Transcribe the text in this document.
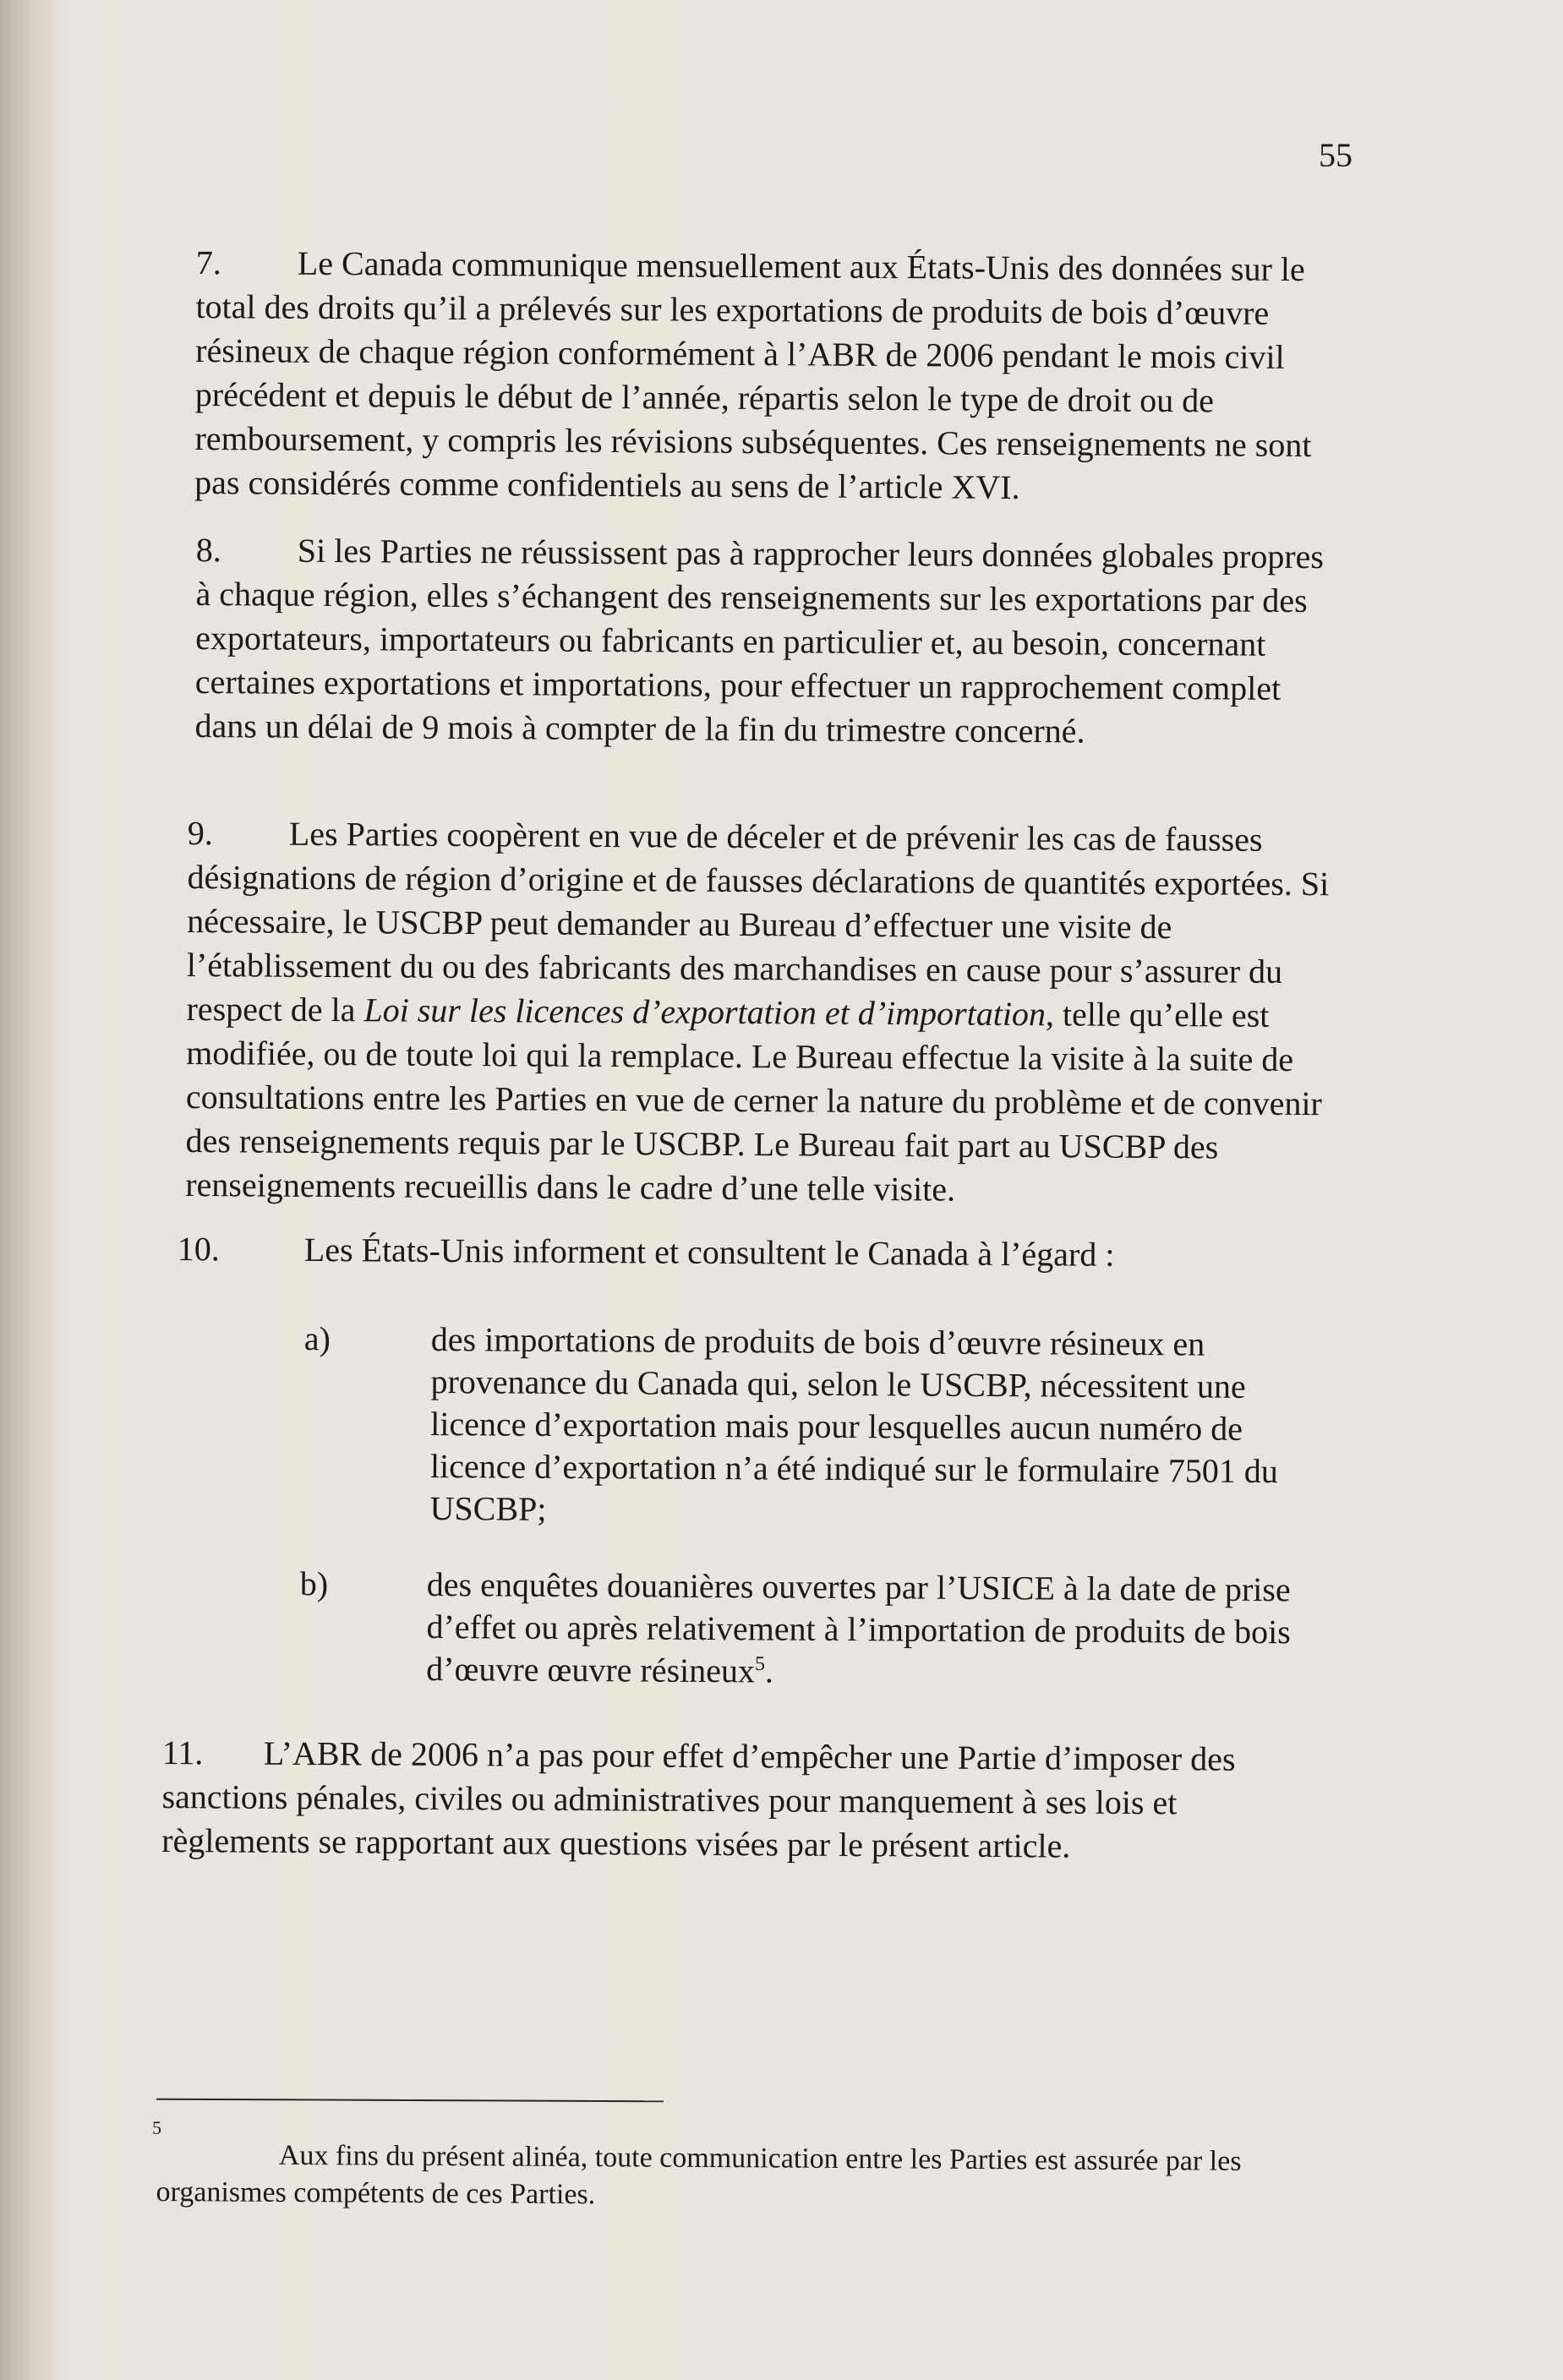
55
7. Le Canada communique mensuellement aux États-Unis des données sur le total des droits qu’il a prélevés sur les exportations de produits de bois d’œuvre résineux de chaque région conformément à l’ABR de 2006 pendant le mois civil précédent et depuis le début de l’année, répartis selon le type de droit ou de remboursement, y compris les révisions subséquentes. Ces renseignements ne sont pas considérés comme confidentiels au sens de l’article XVI.
8. Si les Parties ne réussissent pas à rapprocher leurs données globales propres à chaque région, elles s’échangent des renseignements sur les exportations par des exportateurs, importateurs ou fabricants en particulier et, au besoin, concernant certaines exportations et importations, pour effectuer un rapprochement complet dans un délai de 9 mois à compter de la fin du trimestre concerné.
9. Les Parties coopèrent en vue de déceler et de prévenir les cas de fausses désignations de région d’origine et de fausses déclarations de quantités exportées. Si nécessaire, le USCBP peut demander au Bureau d’effectuer une visite de l’établissement du ou des fabricants des marchandises en cause pour s’assurer du respect de la Loi sur les licences d’exportation et d’importation, telle qu’elle est modifiée, ou de toute loi qui la remplace. Le Bureau effectue la visite à la suite de consultations entre les Parties en vue de cerner la nature du problème et de convenir des renseignements requis par le USCBP. Le Bureau fait part au USCBP des renseignements recueillis dans le cadre d’une telle visite.
10. Les États-Unis informent et consultent le Canada à l’égard :
a)	des importations de produits de bois d’œuvre résineux en provenance du Canada qui, selon le USCBP, nécessitent une licence d’exportation mais pour lesquelles aucun numéro de licence d’exportation n’a été indiqué sur le formulaire 7501 du USCBP;
b)	des enquêtes douanières ouvertes par l’USICE à la date de prise d’effet ou après relativement à l’importation de produits de bois d’œuvre œuvre résineux$^5$.
11. L’ABR de 2006 n’a pas pour effet d’empêcher une Partie d’imposer des sanctions pénales, civiles ou administratives pour manquement à ses lois et règlements se rapportant aux questions visées par le présent article.
5
Aux fins du présent alinéa, toute communication entre les Parties est assurée par les organismes compétents de ces Parties.
